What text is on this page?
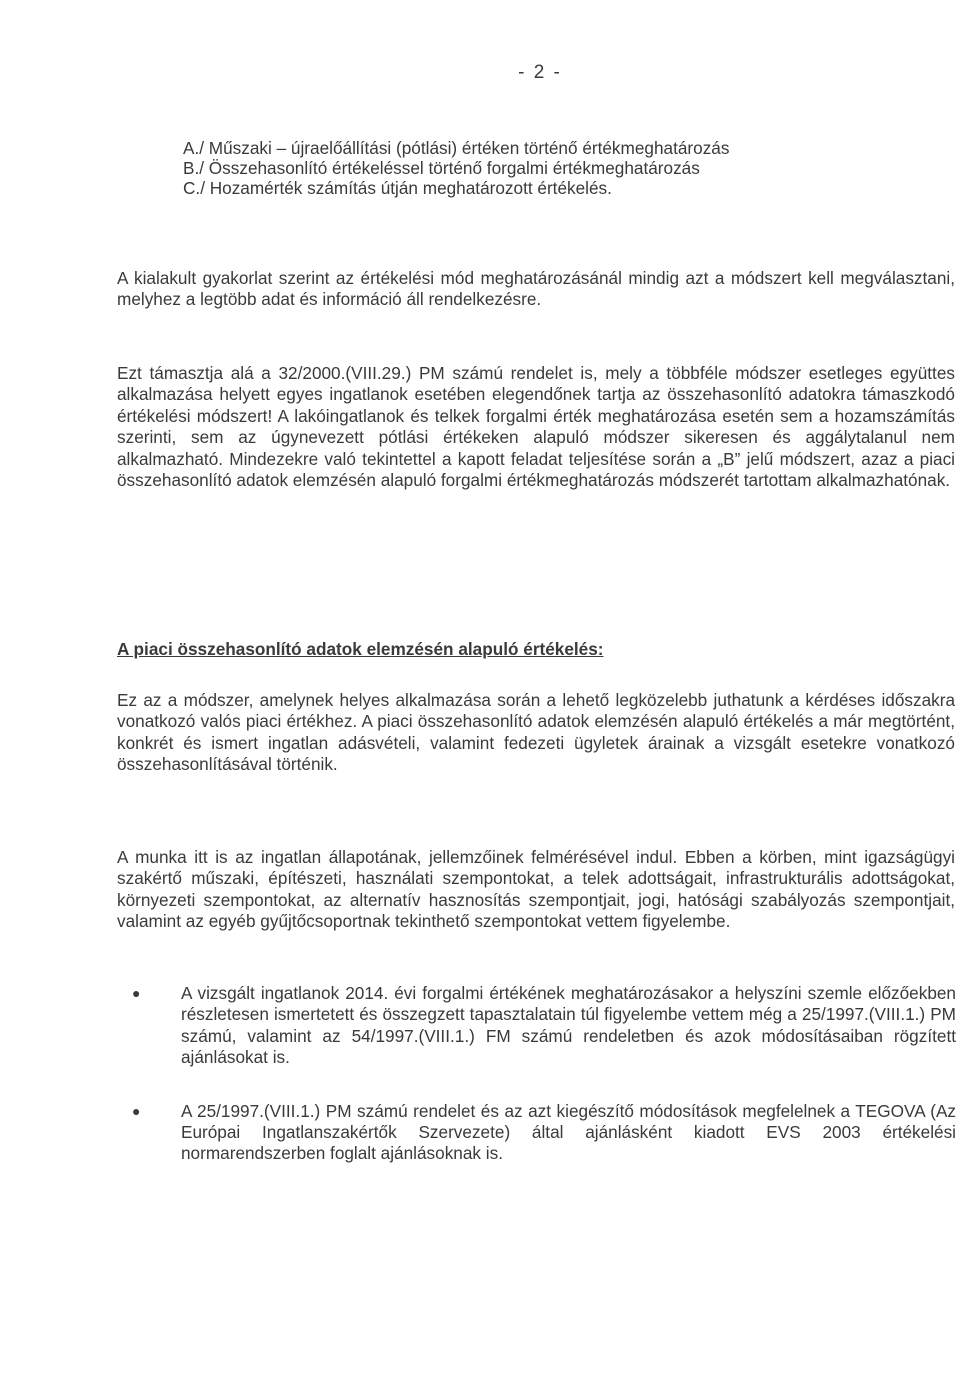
- 2 -
A./ Műszaki – újraelőállítási (pótlási) értéken történő értékmeghatározás
B./ Összehasonlító értékeléssel történő forgalmi értékmeghatározás
C./ Hozamérték számítás útján meghatározott értékelés.

A kialakult gyakorlat szerint az értékelési mód meghatározásánál mindig azt a módszert kell megválasztani, melyhez a legtöbb adat és információ áll rendelkezésre.

Ezt támasztja alá a 32/2000.(VIII.29.) PM számú rendelet is, mely a többféle módszer esetleges együttes alkalmazása helyett egyes ingatlanok esetében elegendőnek tartja az összehasonlító adatokra támaszkodó értékelési módszert! A lakóingatlanok és telkek forgalmi érték meghatározása esetén sem a hozamszámítás szerinti, sem az úgynevezett pótlási értékeken alapuló módszer sikeresen és aggálytalanul nem alkalmazható. Mindezekre való tekintettel a kapott feladat teljesítése során a „B” jelű módszert, azaz a piaci összehasonlító adatok elemzésén alapuló forgalmi értékmeghatározás módszerét tartottam alkalmazhatónak.

A piaci összehasonlító adatok elemzésén alapuló értékelés:

Ez az a módszer, amelynek helyes alkalmazása során a lehető legközelebb juthatunk a kérdéses időszakra vonatkozó valós piaci értékhez. A piaci összehasonlító adatok elemzésén alapuló értékelés a már megtörtént, konkrét és ismert ingatlan adásvételi, valamint fedezeti ügyletek árainak a vizsgált esetekre vonatkozó összehasonlításával történik.

A munka itt is az ingatlan állapotának, jellemzőinek felmérésével indul. Ebben a körben, mint igazságügyi szakértő műszaki, építészeti, használati szempontokat, a telek adottságait, infrastrukturális adottságokat, környezeti szempontokat, az alternatív hasznosítás szempontjait, jogi, hatósági szabályozás szempontjait, valamint az egyéb gyűjtőcsoportnak tekinthető szempontokat vettem figyelembe.

● A vizsgált ingatlanok 2014. évi forgalmi értékének meghatározásakor a helyszíni szemle előzőekben részletesen ismertetett és összegzett tapasztalatain túl figyelembe vettem még a 25/1997.(VIII.1.) PM számú, valamint az 54/1997.(VIII.1.) FM számú rendeletben és azok módosításaiban rögzített ajánlásokat is.
● A 25/1997.(VIII.1.) PM számú rendelet és az azt kiegészítő módosítások megfelelnek a TEGOVA (Az Európai Ingatlanszakértők Szervezete) által ajánlásként kiadott EVS 2003 értékelési normarendszerben foglalt ajánlásoknak is.
